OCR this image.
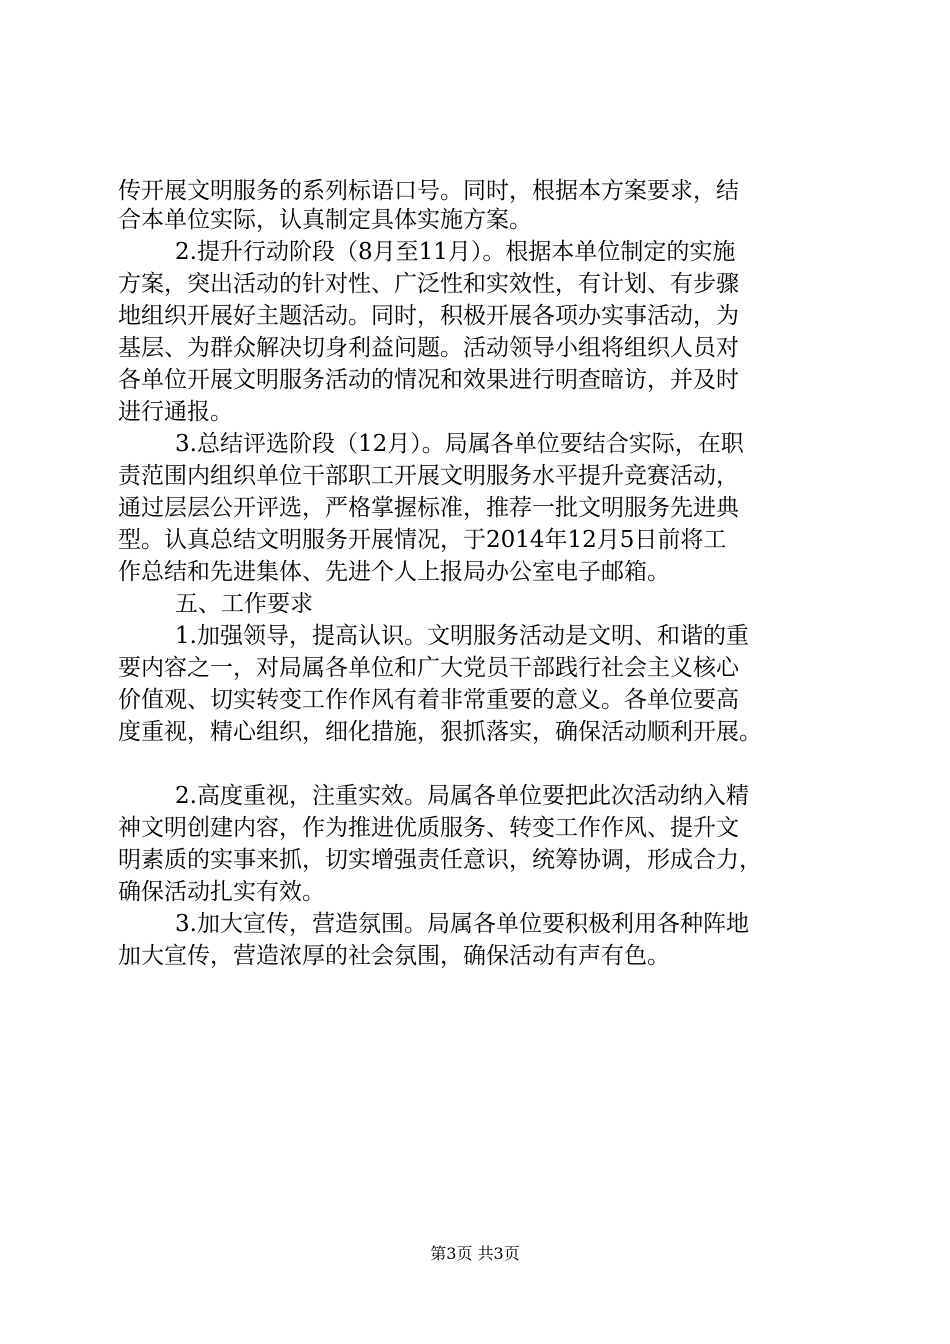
传开展文明服务的系列标语口号。同时，根据本方案要求，结
合本单位实际，认真制定具体实施方案。
2.提升行动阶段（8月至11月）。根据本单位制定的实施
方案，突出活动的针对性、广泛性和实效性，有计划、有步骤
地组织开展好主题活动。同时，积极开展各项办实事活动，为
基层、为群众解决切身利益问题。活动领导小组将组织人员对
各单位开展文明服务活动的情况和效果进行明查暗访，并及时
进行通报。
3.总结评选阶段（12月）。局属各单位要结合实际，在职
责范围内组织单位干部职工开展文明服务水平提升竞赛活动，
通过层层公开评选，严格掌握标准，推荐一批文明服务先进典
型。认真总结文明服务开展情况，于2014年12月5日前将工
作总结和先进集体、先进个人上报局办公室电子邮箱。
五、工作要求
1.加强领导，提高认识。文明服务活动是文明、和谐的重
要内容之一，对局属各单位和广大党员干部践行社会主义核心
价值观、切实转变工作作风有着非常重要的意义。各单位要高
度重视，精心组织，细化措施，狠抓落实，确保活动顺利开展。
2.高度重视，注重实效。局属各单位要把此次活动纳入精
神文明创建内容，作为推进优质服务、转变工作作风、提升文
明素质的实事来抓，切实增强责任意识，统筹协调，形成合力，
确保活动扎实有效。
3.加大宣传，营造氛围。局属各单位要积极利用各种阵地
加大宣传，营造浓厚的社会氛围，确保活动有声有色。
第3页 共3页
